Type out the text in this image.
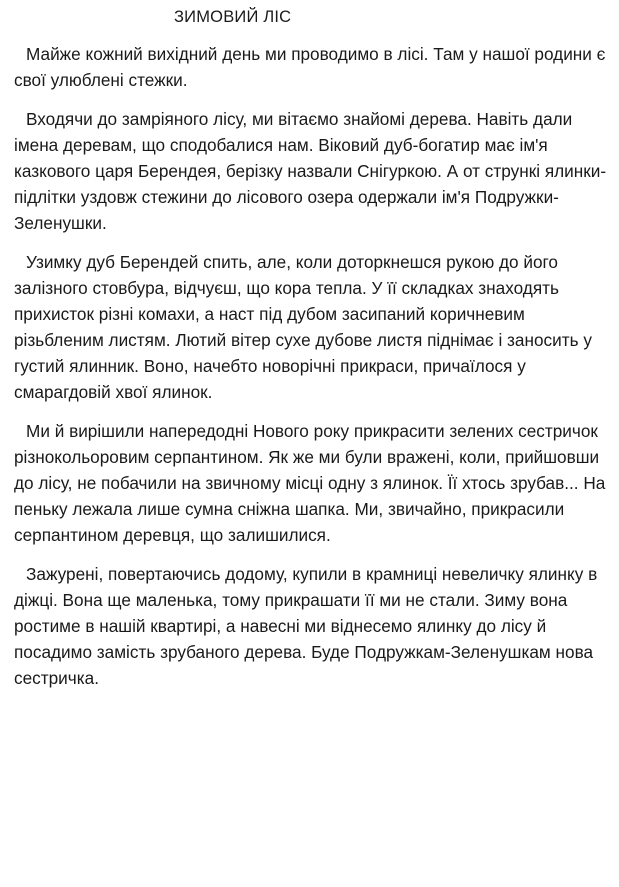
ЗИМОВИЙ ЛІС

Майже кожний вихідний день ми проводимо в лісі. Там у нашої родини є свої улюблені стежки.

Входячи до замріяного лісу, ми вітаємо знайомі дерева. Навіть дали імена деревам, що сподобалися нам. Віковий дуб-богатир має ім'я казкового царя Берендея, берізку назвали Снігуркою. А от стрункі ялинки-підлітки уздовж стежини до лісового озера одержали ім'я Подружки-Зеленушки.

Узимку дуб Берендей спить, але, коли доторкнешся рукою до його залізного стовбура, відчуєш, що кора тепла. У її складках знаходять прихисток різні комахи, а наст під дубом засипаний коричневим різьбленим листям. Лютий вітер сухе дубове листя піднімає і заносить у густий ялинник. Воно, начебто новорічні прикраси, причаїлося у смарагдовій хвої ялинок.

Ми й вирішили напередодні Нового року прикрасити зелених сестричок різнокольоровим серпантином. Як же ми були вражені, коли, прийшовши до лісу, не побачили на звичному місці одну з ялинок. Її хтось зрубав... На пеньку лежала лише сумна сніжна шапка. Ми, звичайно, прикрасили серпантином деревця, що залишилися.

Зажурені, повертаючись додому, купили в крамниці невеличку ялинку в діжці. Вона ще маленька, тому прикрашати її ми не стали. Зиму вона ростиме в нашій квартирі, а навесні ми віднесемо ялинку до лісу й посадимо замість зрубаного дерева. Буде Подружкам-Зеленушкам нова сестричка.
